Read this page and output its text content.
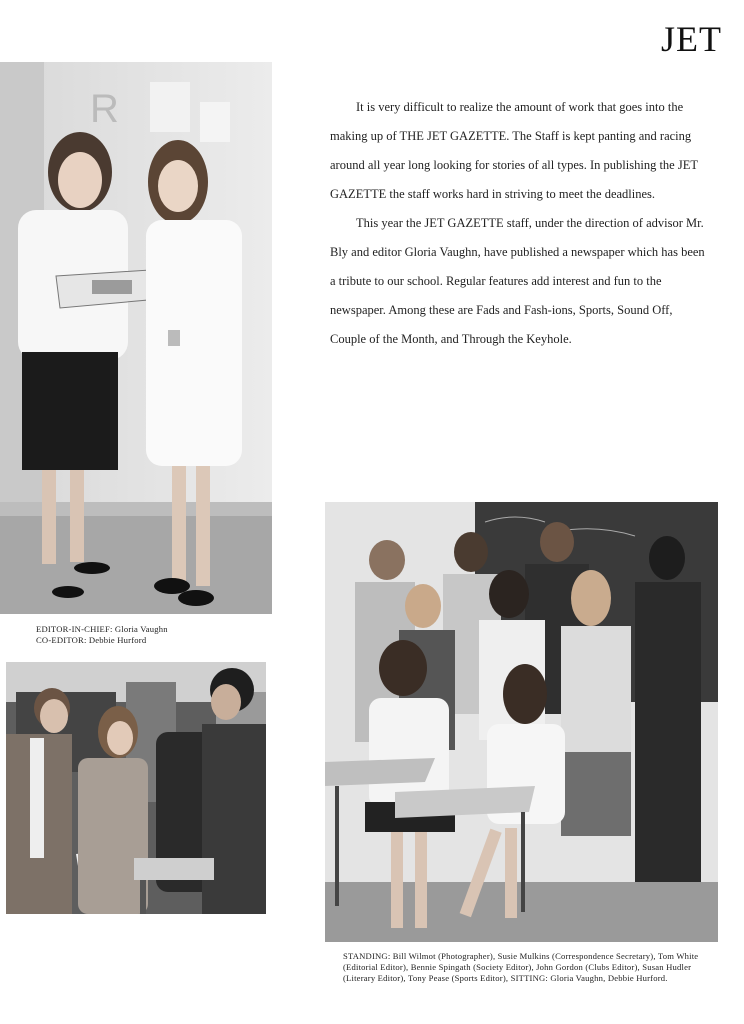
JET
R
EDITOR-IN-CHIEF: Gloria Vaughn
CO-EDITOR: Debbie Hurford

It is very difficult to realize the amount of work that goes into the making up of THE JET GAZETTE. The Staff is kept panting and racing around all year long looking for stories of all types. In publishing the JET GAZETTE the staff works hard in striving to meet the deadlines.

This year the JET GAZETTE staff, under the direction of advisor Mr. Bly and editor Gloria Vaughn, have published a newspaper which has been a tribute to our school. Regular features add interest and fun to the newspaper. Among these are Fads and Fash-ions, Sports, Sound Off, Couple of the Month, and Through the Keyhole.

STANDING: Bill Wilmot (Photographer), Susie Mulkins (Correspondence Secretary), Tom White (Editorial Editor), Bennie Spingath (Society Editor), John Gordon (Clubs Editor), Susan Hudler (Literary Editor), Tony Pease (Sports Editor), SITTING: Gloria Vaughn, Debbie Hurford.
